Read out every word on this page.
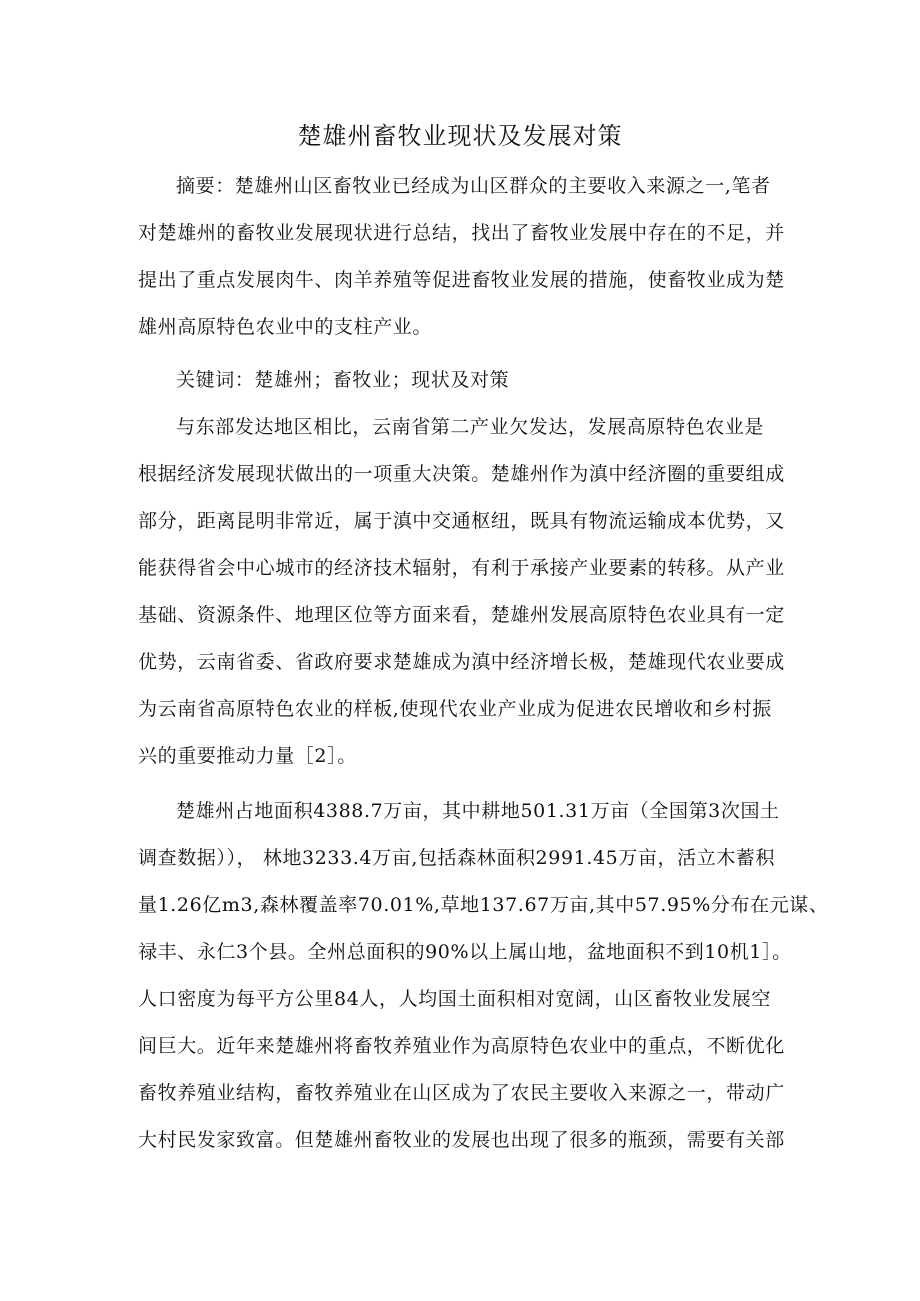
楚雄州畜牧业现状及发展对策
摘要：楚雄州山区畜牧业已经成为山区群众的主要收入来源之一,笔者
对楚雄州的畜牧业发展现状进行总结，找出了畜牧业发展中存在的不足，并
提出了重点发展肉牛、肉羊养殖等促进畜牧业发展的措施，使畜牧业成为楚
雄州高原特色农业中的支柱产业。
关键词：楚雄州；畜牧业；现状及对策
与东部发达地区相比，云南省第二产业欠发达，发展高原特色农业是
根据经济发展现状做出的一项重大决策。楚雄州作为滇中经济圈的重要组成
部分，距离昆明非常近，属于滇中交通枢纽，既具有物流运输成本优势，又
能获得省会中心城市的经济技术辐射，有利于承接产业要素的转移。从产业
基础、资源条件、地理区位等方面来看，楚雄州发展高原特色农业具有一定
优势，云南省委、省政府要求楚雄成为滇中经济增长极，楚雄现代农业要成
为云南省高原特色农业的样板,使现代农业产业成为促进农民增收和乡村振
兴的重要推动力量［2］。
楚雄州占地面积4388.7万亩，其中耕地501.31万亩（全国第3次国土
调查数据））， 林地3233.4万亩,包括森林面积2991.45万亩，活立木蓄积
量1.26亿m3,森林覆盖率70.01%,草地137.67万亩,其中57.95%分布在元谋、
禄丰、永仁3个县。全州总面积的90%以上属山地，盆地面积不到10机1］。
人口密度为每平方公里84人，人均国土面积相对宽阔，山区畜牧业发展空
间巨大。近年来楚雄州将畜牧养殖业作为高原特色农业中的重点，不断优化
畜牧养殖业结构，畜牧养殖业在山区成为了农民主要收入来源之一，带动广
大村民发家致富。但楚雄州畜牧业的发展也出现了很多的瓶颈，需要有关部
